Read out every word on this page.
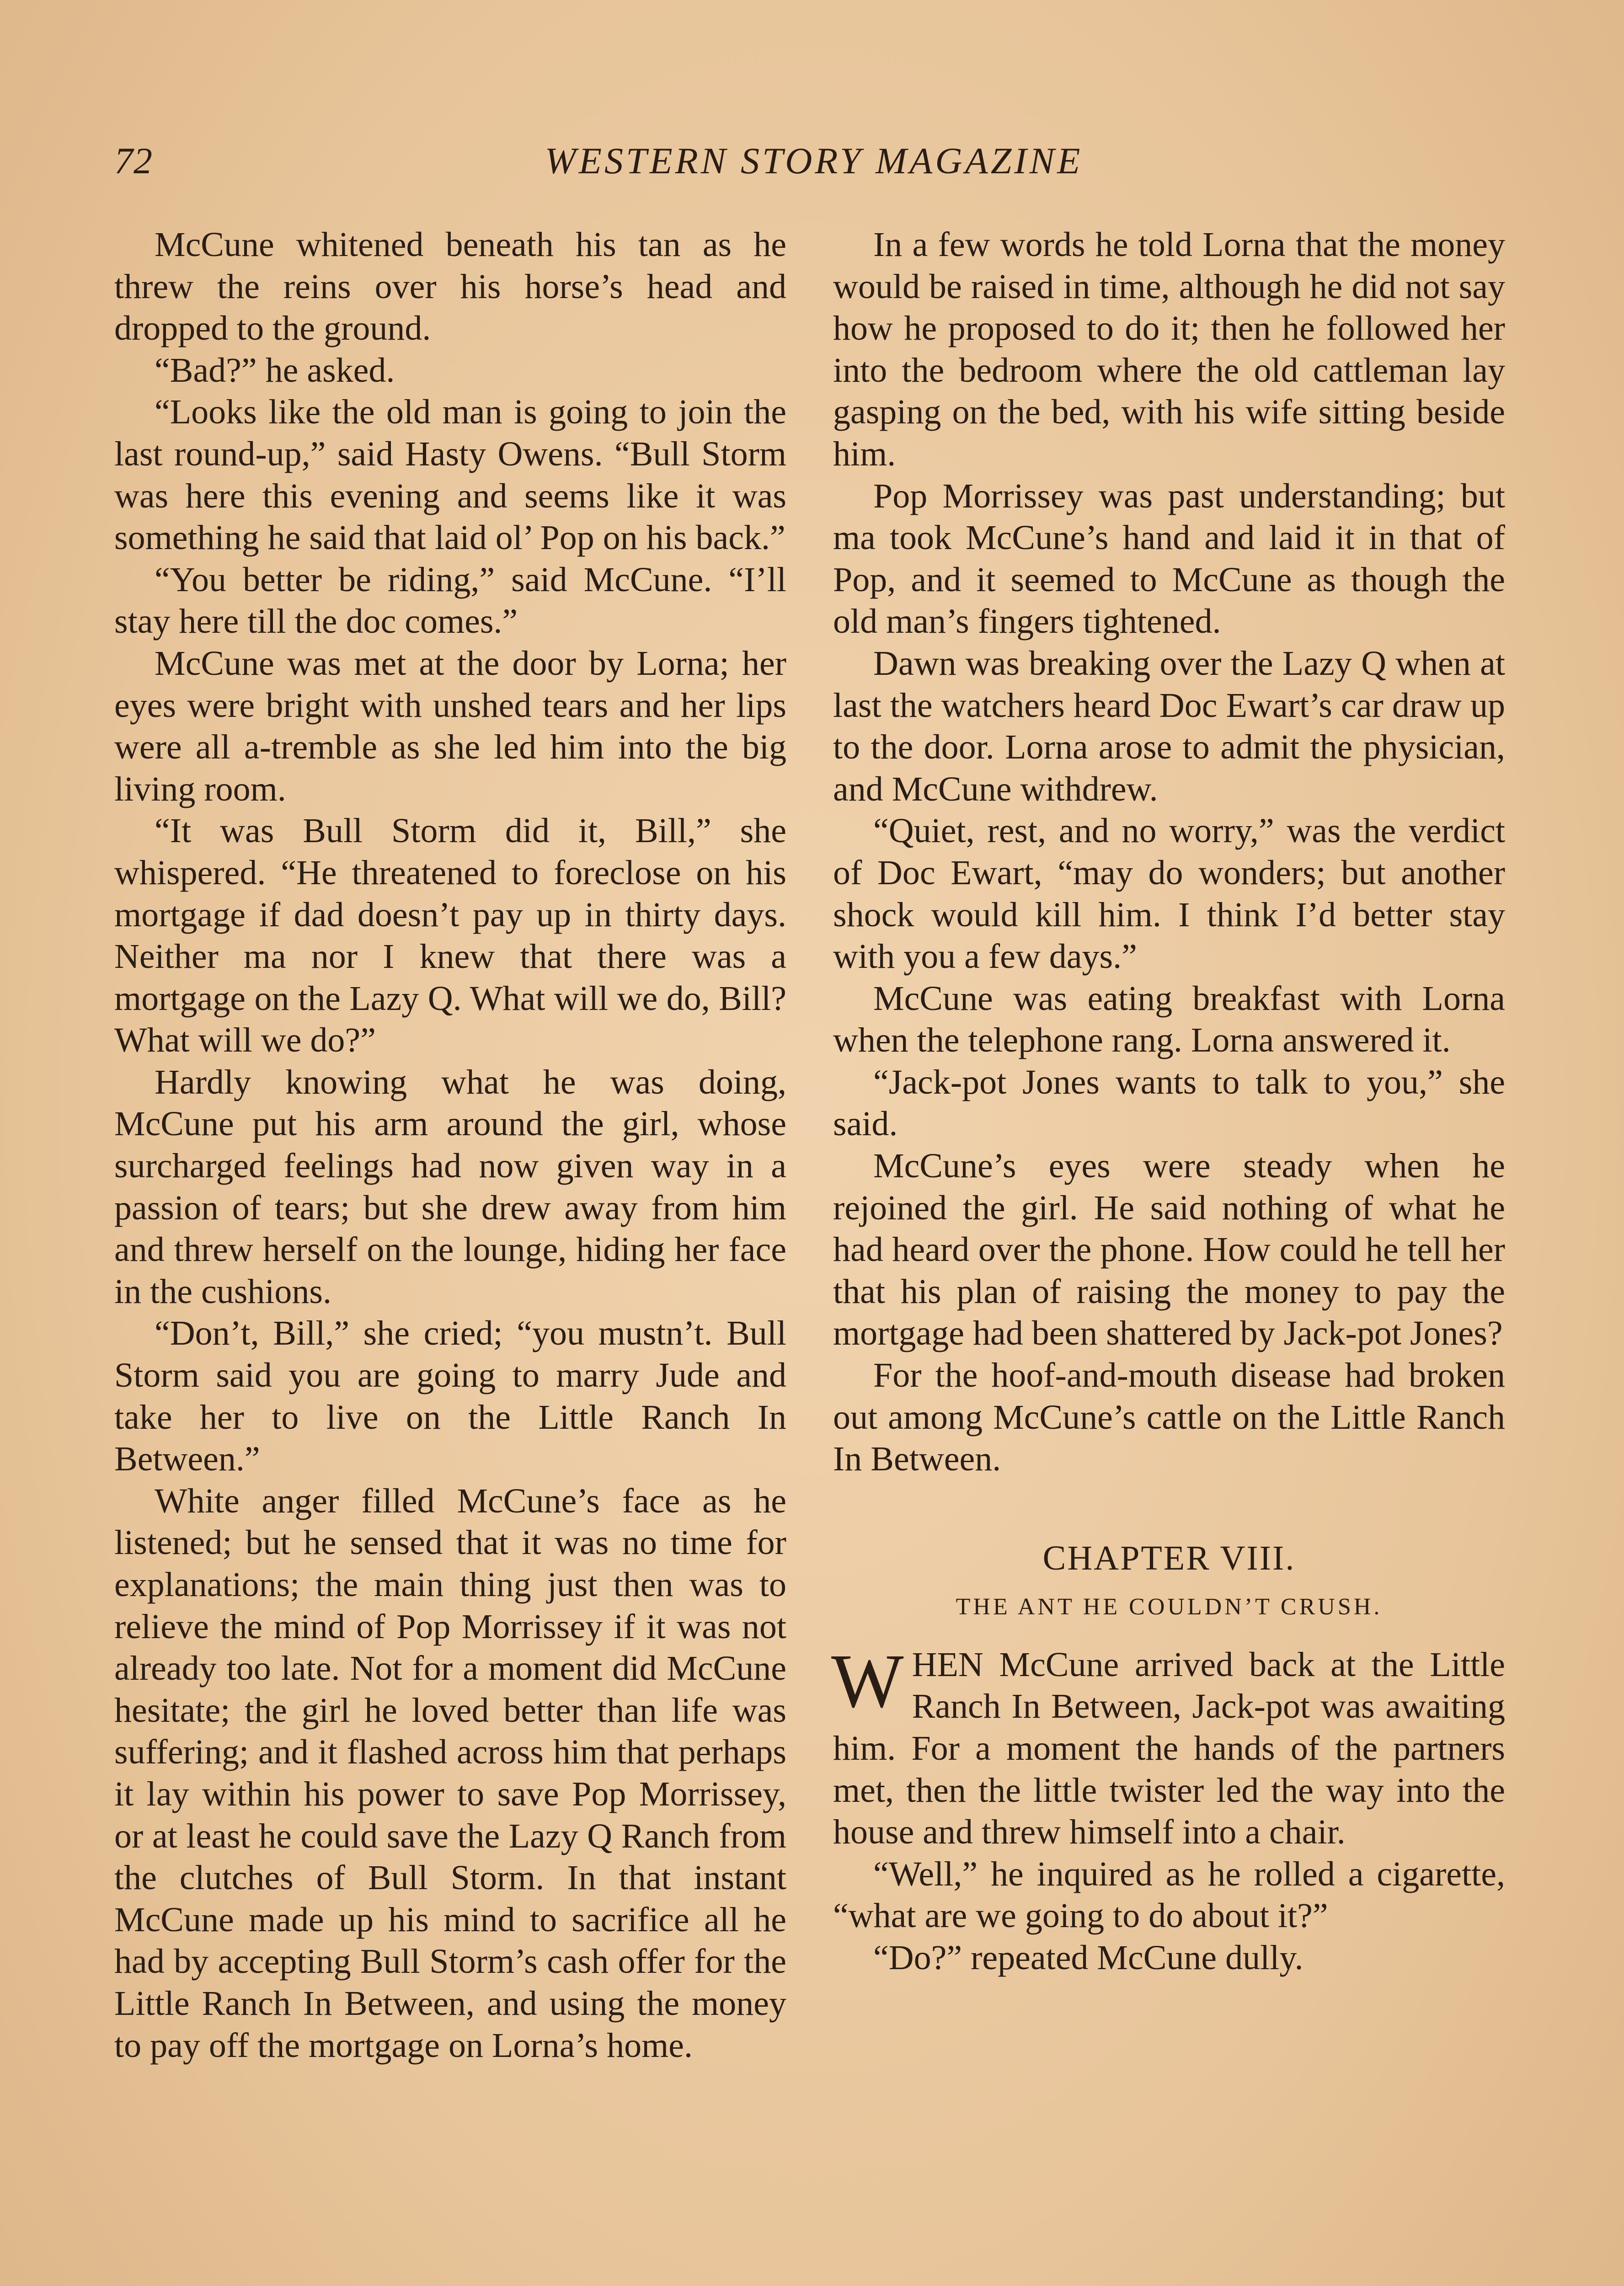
72	WESTERN STORY MAGAZINE

McCune whitened beneath his tan as he threw the reins over his horse’s head and dropped to the ground.

“Bad?” he asked.

“Looks like the old man is going to join the last round-up,” said Hasty Owens. “Bull Storm was here this evening and seems like it was something he said that laid ol’ Pop on his back.”

“You better be riding,” said McCune. “I’ll stay here till the doc comes.”

McCune was met at the door by Lorna; her eyes were bright with unshed tears and her lips were all a-tremble as she led him into the big living room.

“It was Bull Storm did it, Bill,” she whispered. “He threatened to foreclose on his mortgage if dad doesn’t pay up in thirty days. Neither ma nor I knew that there was a mortgage on the Lazy Q. What will we do, Bill? What will we do?”

Hardly knowing what he was doing, McCune put his arm around the girl, whose surcharged feelings had now given way in a passion of tears; but she drew away from him and threw herself on the lounge, hiding her face in the cushions.

“Don’t, Bill,” she cried; “you mustn’t. Bull Storm said you are going to marry Jude and take her to live on the Little Ranch In Between.”

White anger filled McCune’s face as he listened; but he sensed that it was no time for explanations; the main thing just then was to relieve the mind of Pop Morrissey if it was not already too late. Not for a moment did McCune hesitate; the girl he loved better than life was suffering; and it flashed across him that perhaps it lay within his power to save Pop Morrissey, or at least he could save the Lazy Q Ranch from the clutches of Bull Storm. In that instant McCune made up his mind to sacrifice all he had by accepting Bull Storm’s cash offer for the Little Ranch In Between, and using the money to pay off the mortgage on Lorna’s home.

In a few words he told Lorna that the money would be raised in time, although he did not say how he proposed to do it; then he followed her into the bedroom where the old cattleman lay gasping on the bed, with his wife sitting beside him.

Pop Morrissey was past understanding; but ma took McCune’s hand and laid it in that of Pop, and it seemed to McCune as though the old man’s fingers tightened.

Dawn was breaking over the Lazy Q when at last the watchers heard Doc Ewart’s car draw up to the door. Lorna arose to admit the physician, and McCune withdrew.

“Quiet, rest, and no worry,” was the verdict of Doc Ewart, “may do wonders; but another shock would kill him. I think I’d better stay with you a few days.”

McCune was eating breakfast with Lorna when the telephone rang. Lorna answered it.

“Jack-pot Jones wants to talk to you,” she said.

McCune’s eyes were steady when he rejoined the girl. He said nothing of what he had heard over the phone. How could he tell her that his plan of raising the money to pay the mortgage had been shattered by Jack-pot Jones?

For the hoof-and-mouth disease had broken out among McCune’s cattle on the Little Ranch In Between.

CHAPTER VIII.
THE ANT HE COULDN’T CRUSH.

WHEN McCune arrived back at the Little Ranch In Between, Jack-pot was awaiting him. For a moment the hands of the partners met, then the little twister led the way into the house and threw himself into a chair.

“Well,” he inquired as he rolled a cigarette, “what are we going to do about it?”

“Do?” repeated McCune dully.
